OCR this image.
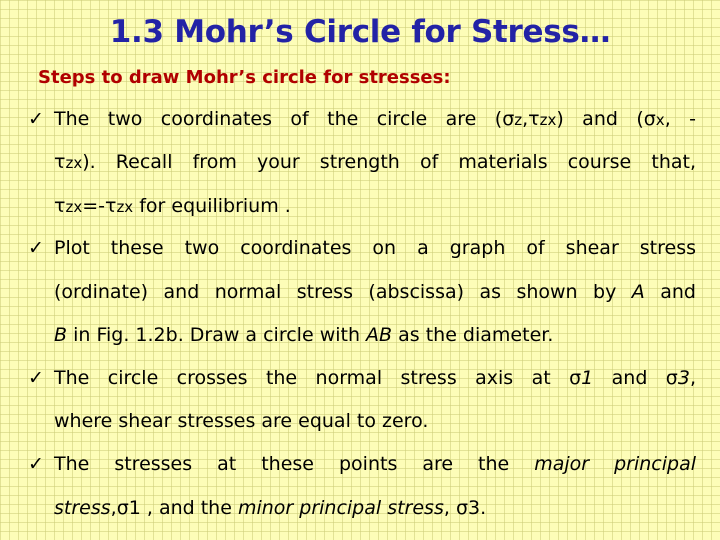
1.3 Mohr’s Circle for Stress…
Steps to draw Mohr’s circle for stresses:
✓ The two coordinates of the circle are (σz,τzx) and (σx, -
τzx). Recall from your strength of materials course that,
τzx=-τzx for equilibrium .
✓ Plot these two coordinates on a graph of shear stress
(ordinate) and normal stress (abscissa) as shown by A and
B in Fig. 1.2b. Draw a circle with AB as the diameter.
✓ The circle crosses the normal stress axis at σ1 and σ3,
where shear stresses are equal to zero.
✓ The stresses at these points are the major principal
stress,σ1 , and the minor principal stress, σ3.
